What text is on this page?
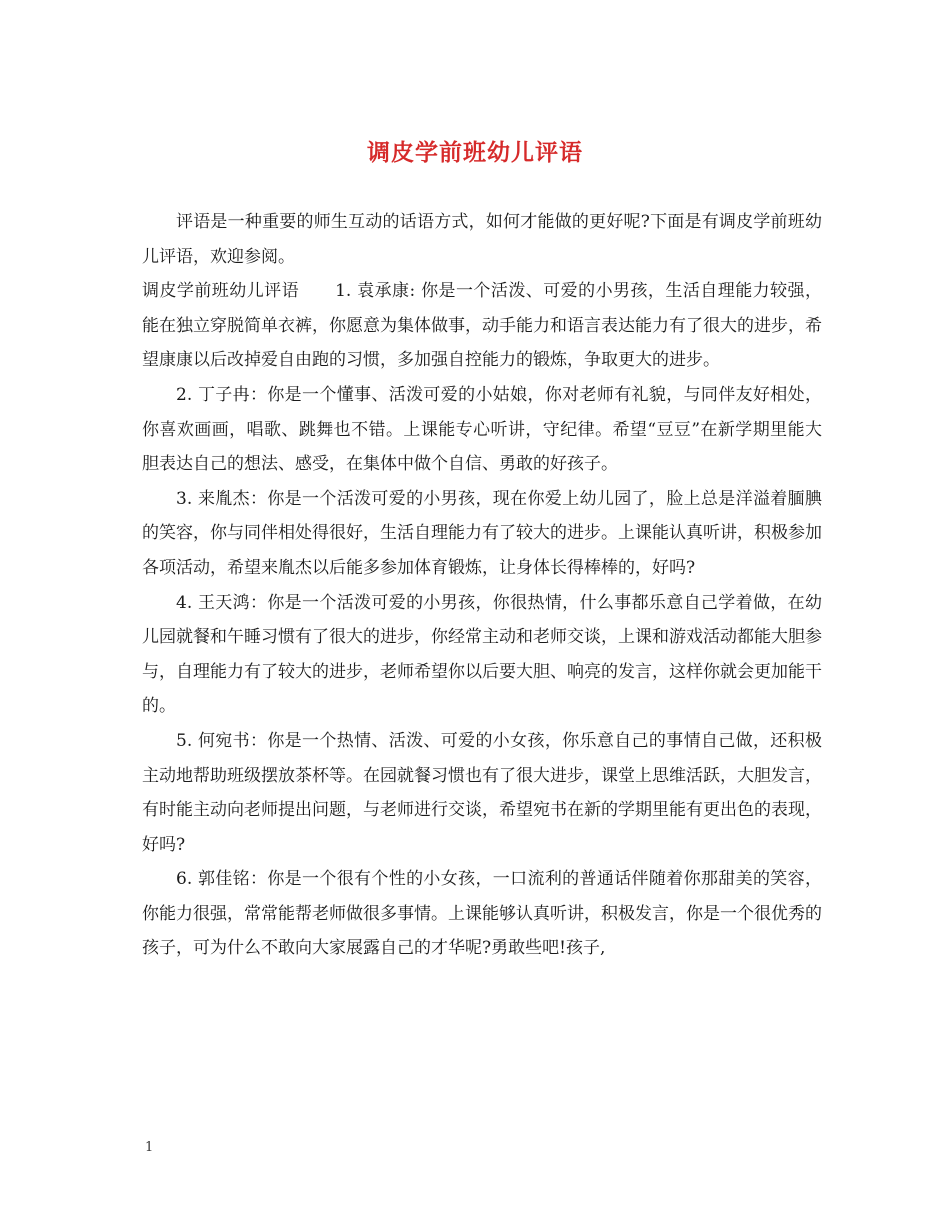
调皮学前班幼儿评语

评语是一种重要的师生互动的话语方式，如何才能做的更好呢?下面是有调皮学前班幼儿评语，欢迎参阅。

调皮学前班幼儿评语 1. 袁承康: 你是一个活泼、可爱的小男孩，生活自理能力较强，能在独立穿脱简单衣裤，你愿意为集体做事，动手能力和语言表达能力有了很大的进步，希望康康以后改掉爱自由跑的习惯，多加强自控能力的锻炼，争取更大的进步。

2. 丁子冉：你是一个懂事、活泼可爱的小姑娘，你对老师有礼貌，与同伴友好相处，你喜欢画画，唱歌、跳舞也不错。上课能专心听讲，守纪律。希望“豆豆”在新学期里能大胆表达自己的想法、感受，在集体中做个自信、勇敢的好孩子。

3. 来胤杰：你是一个活泼可爱的小男孩，现在你爱上幼儿园了，脸上总是洋溢着腼腆的笑容，你与同伴相处得很好，生活自理能力有了较大的进步。上课能认真听讲，积极参加各项活动，希望来胤杰以后能多参加体育锻炼，让身体长得棒棒的，好吗?

4. 王天鸿：你是一个活泼可爱的小男孩，你很热情，什么事都乐意自己学着做，在幼儿园就餐和午睡习惯有了很大的进步，你经常主动和老师交谈，上课和游戏活动都能大胆参与，自理能力有了较大的进步，老师希望你以后要大胆、响亮的发言，这样你就会更加能干的。

5. 何宛书：你是一个热情、活泼、可爱的小女孩，你乐意自己的事情自己做，还积极主动地帮助班级摆放茶杯等。在园就餐习惯也有了很大进步，课堂上思维活跃，大胆发言，有时能主动向老师提出问题，与老师进行交谈，希望宛书在新的学期里能有更出色的表现，好吗?

6. 郭佳铭：你是一个很有个性的小女孩，一口流利的普通话伴随着你那甜美的笑容，你能力很强，常常能帮老师做很多事情。上课能够认真听讲，积极发言，你是一个很优秀的孩子，可为什么不敢向大家展露自己的才华呢?勇敢些吧!孩子,

1
